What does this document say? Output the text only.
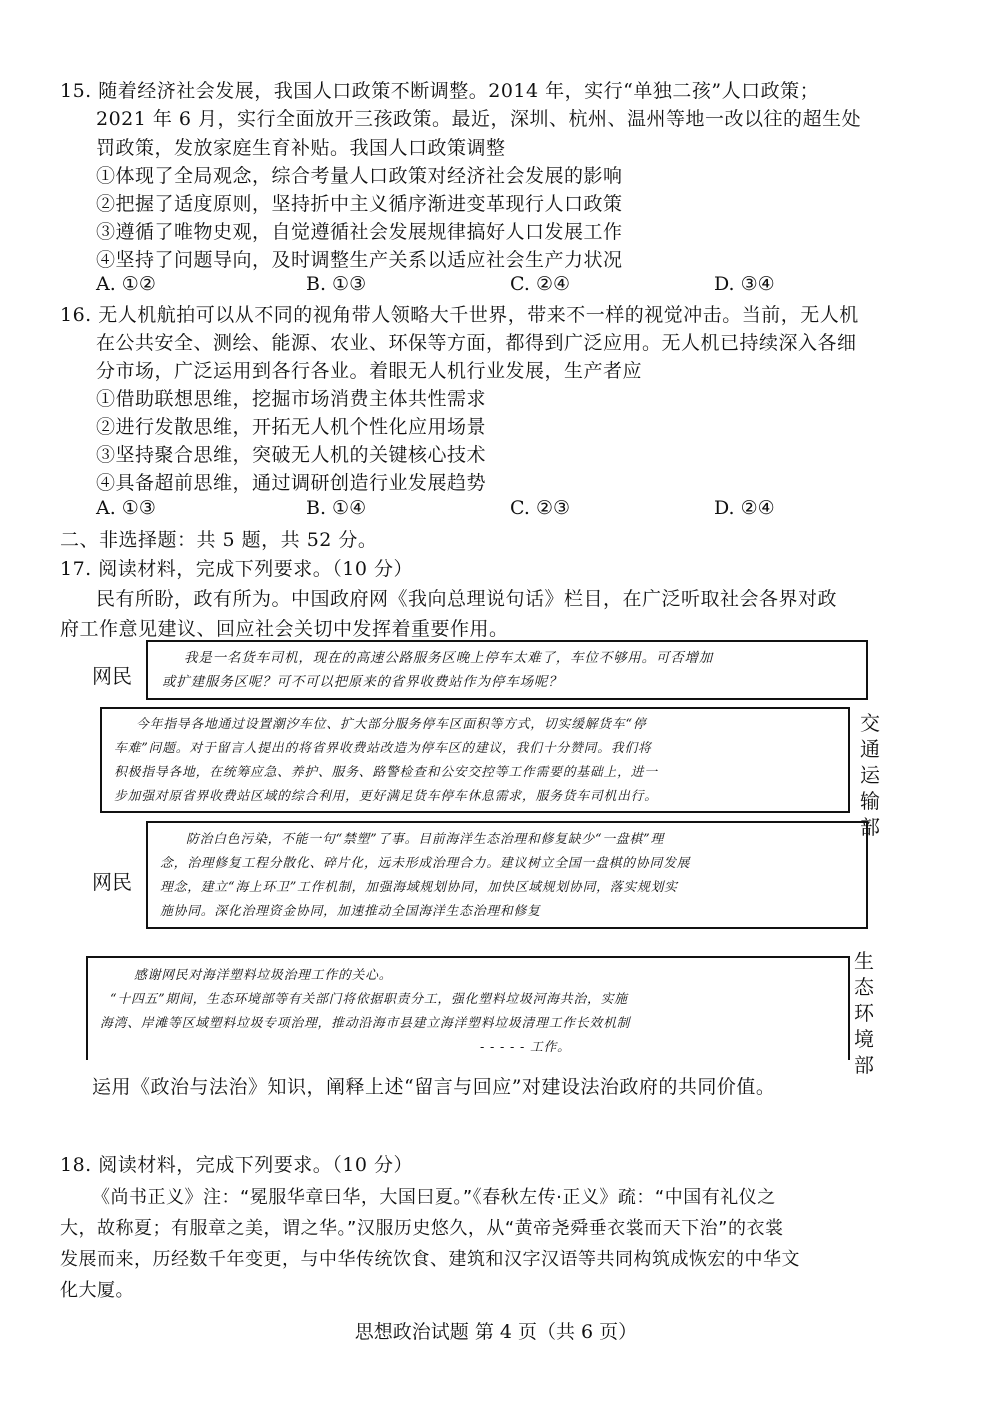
15. 随着经济社会发展，我国人口政策不断调整。2014 年，实行“单独二孩”人口政策；
2021 年 6 月，实行全面放开三孩政策。最近，深圳、杭州、温州等地一改以往的超生处
罚政策，发放家庭生育补贴。我国人口政策调整
①体现了全局观念，综合考量人口政策对经济社会发展的影响
②把握了适度原则，坚持折中主义循序渐进变革现行人口政策
③遵循了唯物史观，自觉遵循社会发展规律搞好人口发展工作
④坚持了问题导向，及时调整生产关系以适应社会生产力状况
A. ①②	B. ①③	C. ②④	D. ③④
16. 无人机航拍可以从不同的视角带人领略大千世界，带来不一样的视觉冲击。当前，无人机
在公共安全、测绘、能源、农业、环保等方面，都得到广泛应用。无人机已持续深入各细
分市场，广泛运用到各行各业。着眼无人机行业发展，生产者应
①借助联想思维，挖掘市场消费主体共性需求
②进行发散思维，开拓无人机个性化应用场景
③坚持聚合思维，突破无人机的关键核心技术
④具备超前思维，通过调研创造行业发展趋势
A. ①③	B. ①④	C. ②③	D. ②④
二、非选择题：共 5 题，共 52 分。
17. 阅读材料，完成下列要求。（10 分）
民有所盼，政有所为。中国政府网《我向总理说句话》栏目，在广泛听取社会各界对政
府工作意见建议、回应社会关切中发挥着重要作用。
网民
我是一名货车司机，现在的高速公路服务区晚上停车太难了，车位不够用。可否增加
或扩建服务区呢？可不可以把原来的省界收费站作为停车场呢？
今年指导各地通过设置潮汐车位、扩大部分服务停车区面积等方式，切实缓解货车“停
车难”问题。对于留言人提出的将省界收费站改造为停车区的建议，我们十分赞同。我们将
积极指导各地，在统筹应急、养护、服务、路警检查和公安交控等工作需要的基础上，进一
步加强对原省界收费站区域的综合利用，更好满足货车停车休息需求，服务货车司机出行。
交
通
运
输
部
网民
防治白色污染，不能一句“禁塑”了事。目前海洋生态治理和修复缺少“一盘棋”理
念，治理修复工程分散化、碎片化，远未形成治理合力。建议树立全国一盘棋的协同发展
理念，建立“海上环卫”工作机制，加强海域规划协同，加快区域规划协同，落实规划实
施协同。深化治理资金协同，加速推动全国海洋生态治理和修复
感谢网民对海洋塑料垃圾治理工作的关心。
“十四五”期间，生态环境部等有关部门将依据职责分工，强化塑料垃圾河海共治，实施
海湾、岸滩等区域塑料垃圾专项治理，推动沿海市县建立海洋塑料垃圾清理工作长效机制
- - - - - 工作。
生
态
环
境
部
运用《政治与法治》知识，阐释上述“留言与回应”对建设法治政府的共同价值。
18. 阅读材料，完成下列要求。（10 分）
《尚书正义》注：“冕服华章曰华，大国曰夏。”《春秋左传·正义》疏：“中国有礼仪之
大，故称夏；有服章之美，谓之华。”汉服历史悠久，从“黄帝尧舜垂衣裳而天下治”的衣裳
发展而来，历经数千年变更，与中华传统饮食、建筑和汉字汉语等共同构筑成恢宏的中华文
化大厦。
思想政治试题 第 4 页（共 6 页）
